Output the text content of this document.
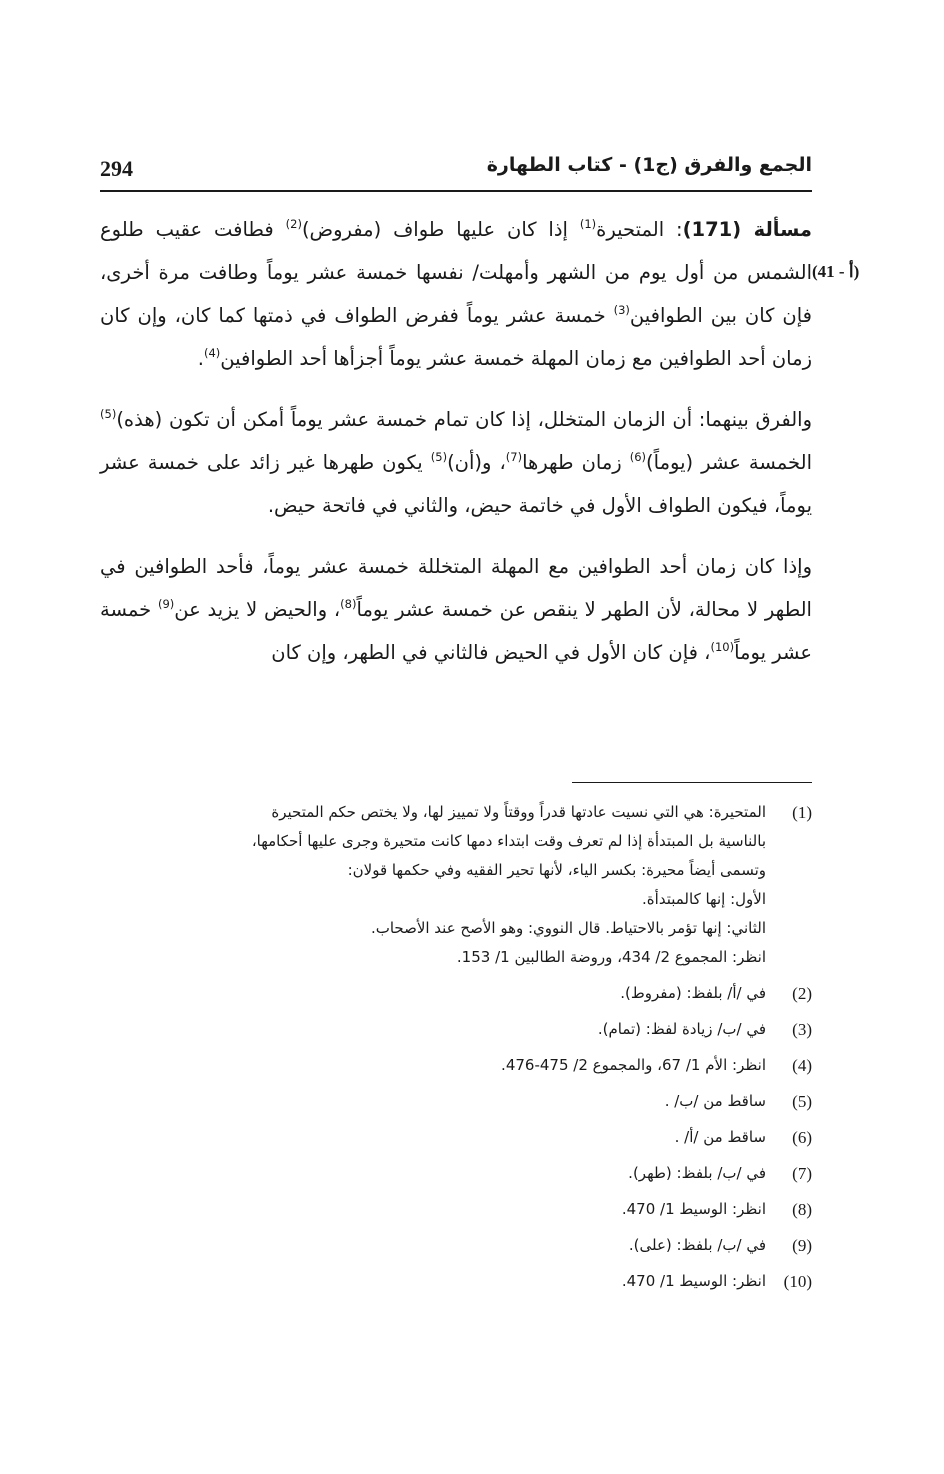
294	الجمع والفرق (ج1) - كتاب الطهارة
(41 - أ)

مسألة (171): المتحيرة$^{(1)}$ إذا كان عليها طواف (مفروض)$^{(2)}$ فطافت عقيب طلوع الشمس من أول يوم من الشهر وأمهلت/ نفسها خمسة عشر يوماً وطافت مرة أخرى، فإن كان بين الطوافين$^{(3)}$ خمسة عشر يوماً ففرض الطواف في ذمتها كما كان، وإن كان زمان أحد الطوافين مع زمان المهلة خمسة عشر يوماً أجزأها أحد الطوافين$^{(4)}$.

والفرق بينهما: أن الزمان المتخلل، إذا كان تمام خمسة عشر يوماً أمكن أن تكون (هذه)$^{(5)}$ الخمسة عشر (يوماً)$^{(6)}$ زمان طهرها$^{(7)}$، و(أن)$^{(5)}$ يكون طهرها غير زائد على خمسة عشر يوماً، فيكون الطواف الأول في خاتمة حيض، والثاني في فاتحة حيض.

وإذا كان زمان أحد الطوافين مع المهلة المتخللة خمسة عشر يوماً، فأحد الطوافين في الطهر لا محالة، لأن الطهر لا ينقص عن خمسة عشر يوماً$^{(8)}$، والحيض لا يزيد عن$^{(9)}$ خمسة عشر يوماً$^{(10)}$، فإن كان الأول في الحيض فالثاني في الطهر، وإن كان

(1)
المتحيرة: هي التي نسيت عادتها قدراً ووقتاً ولا تمييز لها، ولا يختص حكم المتحيرة
بالناسية بل المبتدأة إذا لم تعرف وقت ابتداء دمها كانت متحيرة وجرى عليها أحكامها،
وتسمى أيضاً محيرة: بكسر الياء، لأنها تحير الفقيه وفي حكمها قولان:
الأول: إنها كالمبتدأة.
الثاني: إنها تؤمر بالاحتياط. قال النووي: وهو الأصح عند الأصحاب.
انظر: المجموع 2/ 434، وروضة الطالبين 1/ 153.
(2)
في /أ/ بلفظ: (مفروط).
(3)
في /ب/ زيادة لفظ: (تمام).
(4)
انظر: الأم 1/ 67، والمجموع 2/ 475-476.
(5)
ساقط من /ب/ .
(6)
ساقط من /أ/ .
(7)
في /ب/ بلفظ: (طهر).
(8)
انظر: الوسيط 1/ 470.
(9)
في /ب/ بلفظ: (على).
(10)
انظر: الوسيط 1/ 470.
